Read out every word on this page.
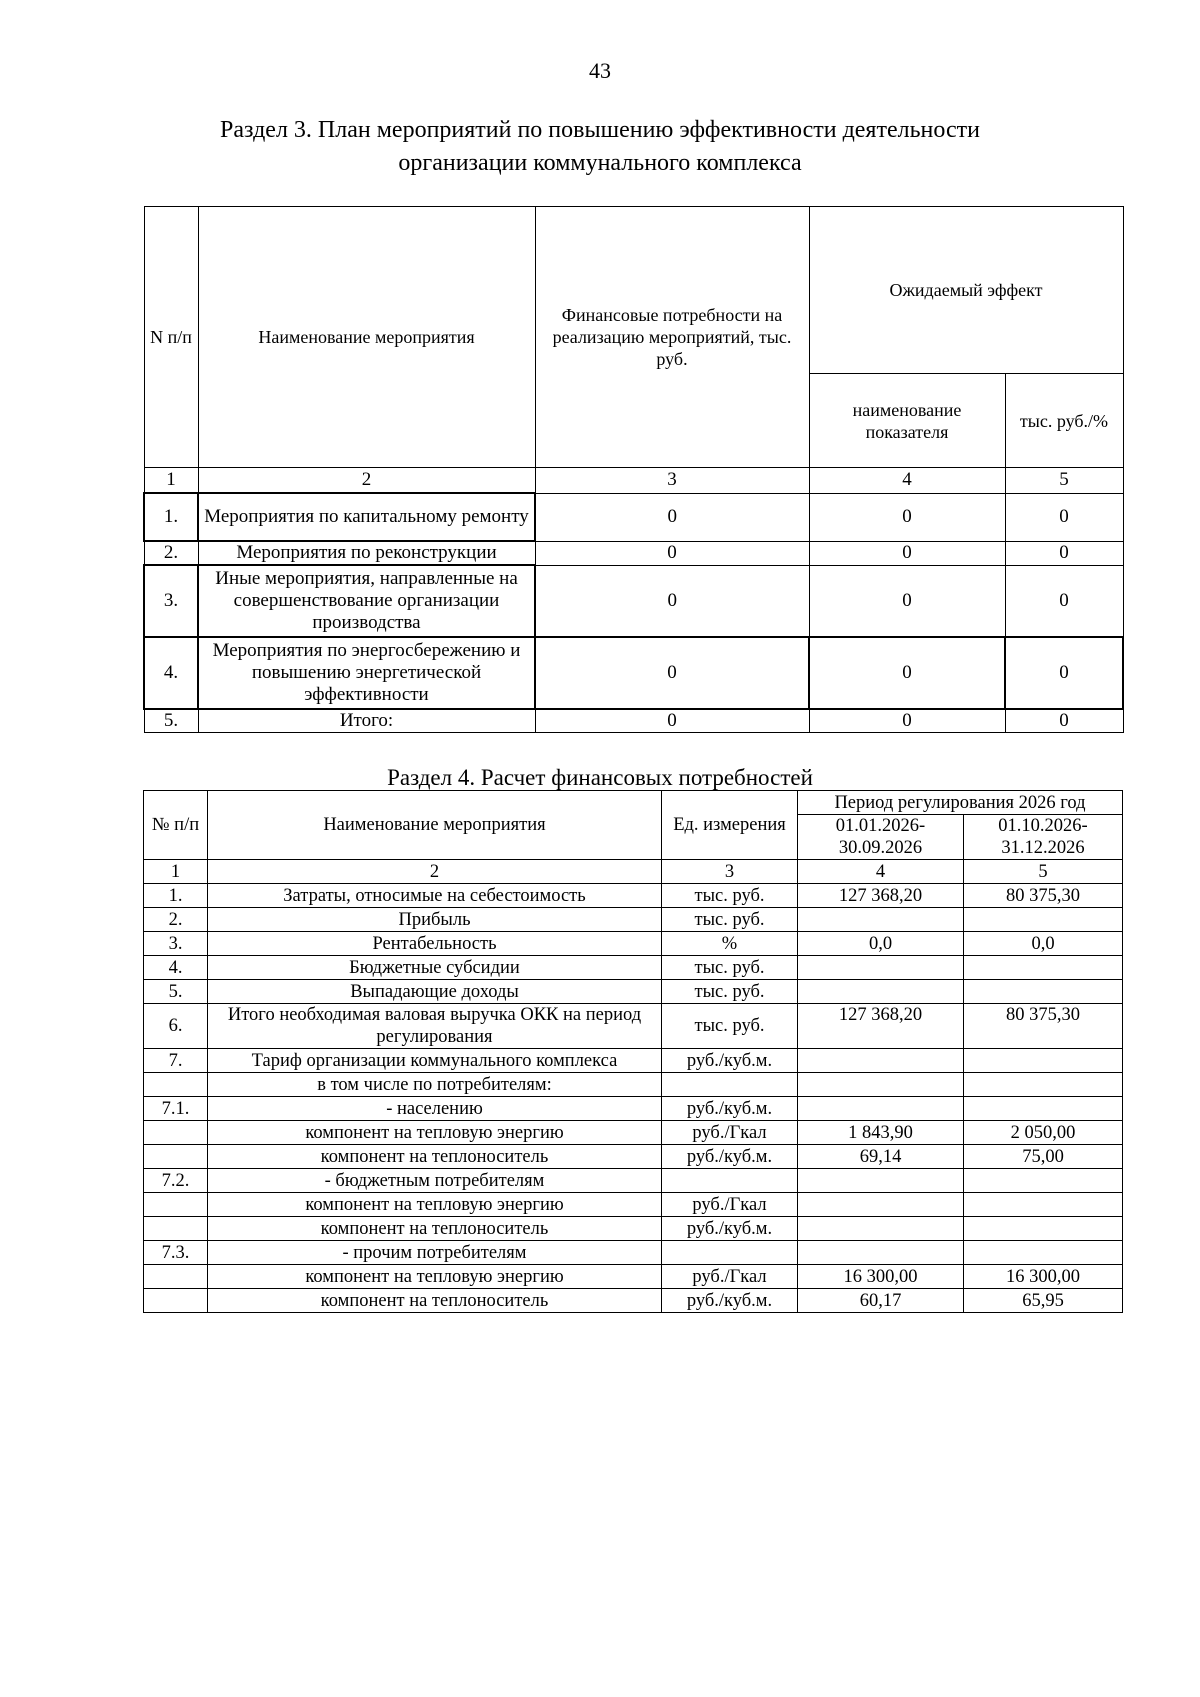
43
Раздел 3. План мероприятий по повышению эффективности деятельности
организации коммунального комплекса
N п/п	Наименование мероприятия	Финансовые потребности на реализацию мероприятий, тыс. руб.	Ожидаемый эффект	
			наименование показателя	тыс. руб./%
1	2	3	4	5
1.	Мероприятия по капитальному ремонту	0	0	0
2.	Мероприятия по реконструкции	0	0	0
3.	Иные мероприятия, направленные на совершенствование организации производства	0	0	0
4.	Мероприятия по энергосбережению и повышению энергетической эффективности	0	0	0
5.	Итого:	0	0	0
Раздел 4. Расчет финансовых потребностей
№ п/п	Наименование мероприятия	Ед. измерения	Период регулирования 2026 год	
			01.01.2026- 30.09.2026	01.10.2026- 31.12.2026
1	2	3	4	5
1.	Затраты, относимые на себестоимость	тыс. руб.	127 368,20	80 375,30
2.	Прибыль	тыс. руб.		
3.	Рентабельность	%	0,0	0,0
4.	Бюджетные субсидии	тыс. руб.		
5.	Выпадающие доходы	тыс. руб.		
6.	Итого необходимая валовая выручка ОКК на период регулирования	тыс. руб.	127 368,20	80 375,30
7.	Тариф организации коммунального комплекса	руб./куб.м.		
	в том числе по потребителям:			
7.1.	- населению	руб./куб.м.		
	компонент на тепловую энергию	руб./Гкал	1 843,90	2 050,00
	компонент на теплоноситель	руб./куб.м.	69,14	75,00
7.2.	- бюджетным потребителям			
	компонент на тепловую энергию	руб./Гкал		
	компонент на теплоноситель	руб./куб.м.		
7.3.	- прочим потребителям			
	компонент на тепловую энергию	руб./Гкал	16 300,00	16 300,00
	компонент на теплоноситель	руб./куб.м.	60,17	65,95
